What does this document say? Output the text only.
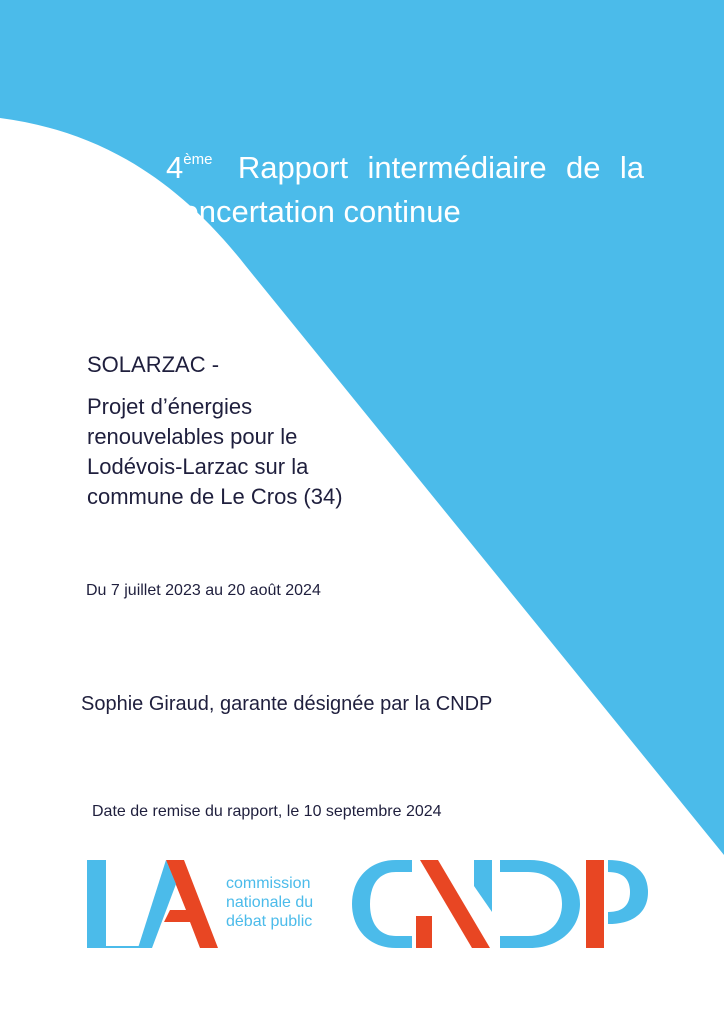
4ème Rapport intermédiaire de la concertation continue
SOLARZAC -
Projet d’énergies
renouvelables pour le
Lodévois-Larzac sur la
commune de Le Cros (34)
Du 7 juillet 2023 au 20 août 2024
Sophie Giraud, garante désignée par la CNDP
Date de remise du rapport, le 10 septembre 2024
commission
nationale du
débat public
